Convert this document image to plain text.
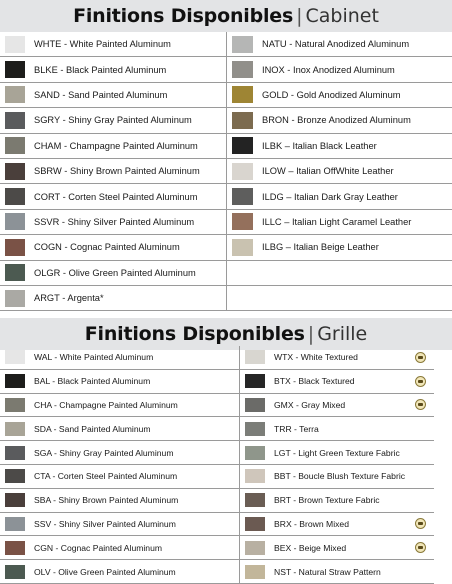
Finitions Disponibles | Cabinet
WHTE - White Painted Aluminum
BLKE - Black Painted Aluminum
SAND - Sand Painted Aluminum
SGRY - Shiny Gray Painted Aluminum
CHAM - Champagne Painted Aluminum
SBRW - Shiny Brown Painted Aluminum
CORT - Corten Steel Painted Aluminum
SSVR - Shiny Silver Painted Aluminum
COGN - Cognac Painted Aluminum
OLGR - Olive Green Painted Aluminum
ARGT - Argenta*
NATU - Natural Anodized Aluminum
INOX - Inox Anodized Aluminum
GOLD - Gold Anodized Aluminum
BRON - Bronze Anodized Aluminum
ILBK – Italian Black Leather
ILOW – Italian OffWhite Leather
ILDG – Italian Dark Gray Leather
ILLC – Italian Light Caramel Leather
ILBG – Italian Beige Leather
Finitions Disponibles | Grille
WAL - White Painted Aluminum
BAL - Black Painted Aluminum
CHA - Champagne Painted Aluminum
SDA - Sand Painted Aluminum
SGA - Shiny Gray Painted Aluminum
CTA - Corten Steel Painted Aluminum
SBA - Shiny Brown Painted Aluminum
SSV - Shiny Silver Painted Aluminum
CGN - Cognac Painted Aluminum
OLV - Olive Green Painted Aluminum
WTX - White Textured
BTX - Black Textured
GMX - Gray Mixed
TRR - Terra
LGT - Light Green Texture Fabric
BBT - Boucle Blush Texture Fabric
BRT - Brown Texture Fabric
BRX - Brown Mixed
BEX - Beige Mixed
NST - Natural Straw Pattern
